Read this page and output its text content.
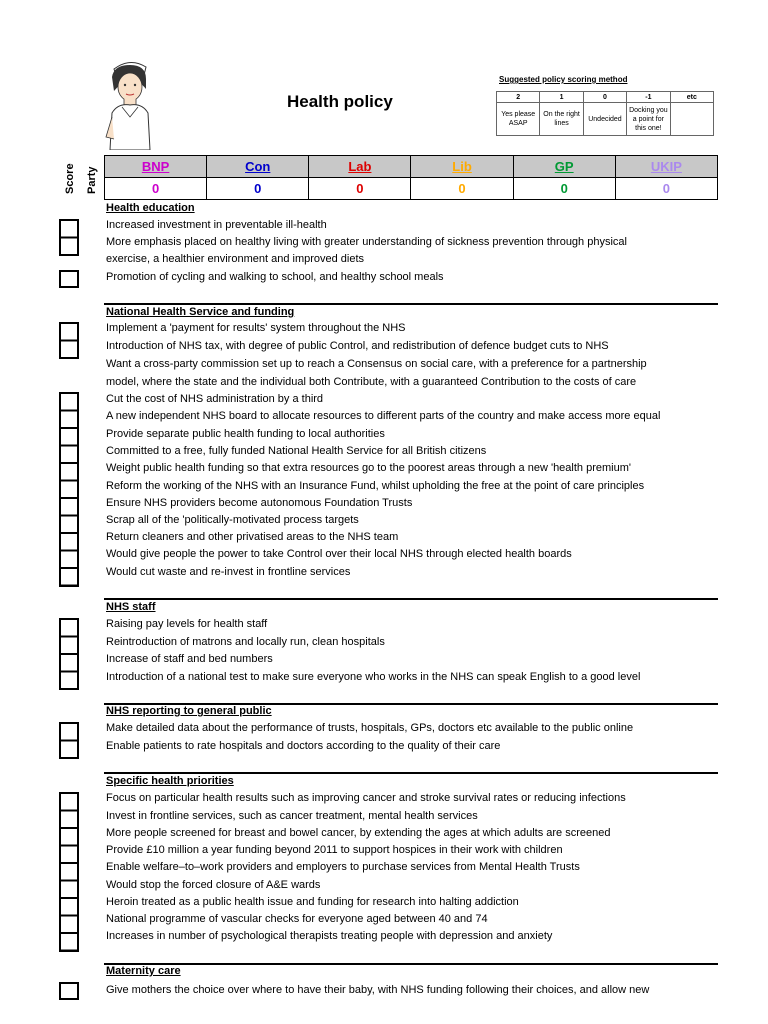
Health policy
Suggested policy scoring method
2	1	0	-1	etc
Yes please ASAP	On the right lines	Undecided	Docking you a point for this one!	
Score Party	BNP	Con	Lab	Lib	GP	UKIP
0	0	0	0	0	0
Health education
Increased investment in preventable ill-health
More emphasis placed on healthy living with greater understanding of sickness prevention through physical
exercise, a healthier environment and improved diets
Promotion of cycling and walking to school, and healthy school meals
National Health Service and funding
Implement a 'payment for results' system throughout the NHS
Introduction of NHS tax, with degree of public Control, and redistribution of defence budget cuts to NHS
Want a cross-party commission set up to reach a Consensus on social care, with a preference for a partnership
model, where the state and the individual both Contribute, with a guaranteed Contribution to the costs of care
Cut the cost of NHS administration by a third
A new independent NHS board to allocate resources to different parts of the country and make access more equal
Provide separate public health funding to local authorities
Committed to a free, fully funded National Health Service for all British citizens
Weight public health funding so that extra resources go to the poorest areas through a new 'health premium'
Reform the working of the NHS with an Insurance Fund, whilst upholding the free at the point of care principles
Ensure NHS providers become autonomous Foundation Trusts
Scrap all of the 'politically-motivated process targets
Return cleaners and other privatised areas to the NHS team
Would give people the power to take Control over their local NHS through elected health boards
Would cut waste and re-invest in frontline services
NHS staff
Raising pay levels for health staff
Reintroduction of matrons and locally run, clean hospitals
Increase of staff and bed numbers
Introduction of a national test to make sure everyone who works in the NHS can speak English to a good level
NHS reporting to general public
Make detailed data about the performance of trusts, hospitals, GPs, doctors etc available to the public online
Enable patients to rate hospitals and doctors according to the quality of their care
Specific health priorities
Focus on particular health results such as improving cancer and stroke survival rates or reducing infections
Invest in frontline services, such as cancer treatment, mental health services
More people screened for breast and bowel cancer, by extending the ages at which adults are screened
Provide £10 million a year funding beyond 2011 to support hospices in their work with children
Enable welfare–to–work providers and employers to purchase services from Mental Health Trusts
Would stop the forced closure of A&E wards
Heroin treated as a public health issue and funding for research into halting addiction
National programme of vascular checks for everyone aged between 40 and 74
Increases in number of psychological therapists treating people with depression and anxiety
Maternity care
Give mothers the choice over where to have their baby, with NHS funding following their choices, and allow new
